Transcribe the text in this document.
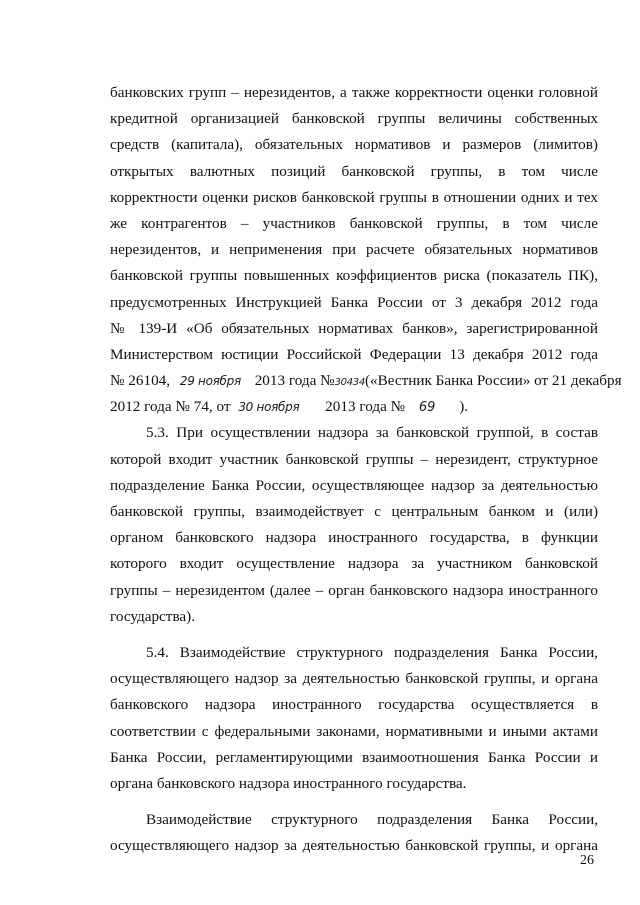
банковских групп – нерезидентов, а также корректности оценки головной
кредитной организацией банковской группы величины собственных
средств (капитала), обязательных нормативов и размеров (лимитов)
открытых валютных позиций банковской группы, в том числе
корректности оценки рисков банковской группы в отношении одних и тех
же контрагентов – участников банковской группы, в том числе
нерезидентов, и неприменения при расчете обязательных нормативов
банковской группы повышенных коэффициентов риска (показатель ПК),
предусмотренных Инструкцией Банка России от 3 декабря 2012 года
№ 139-И «Об обязательных нормативах банков», зарегистрированной
Министерством юстиции Российской Федерации 13 декабря 2012 года
№ 26104, 29 ноября 2013 года №30434(«Вестник Банка России» от 21 декабря
2012 года № 74, от 30 ноября 2013 года № 69 ).
5.3. При осуществлении надзора за банковской группой, в состав
которой входит участник банковской группы – нерезидент, структурное
подразделение Банка России, осуществляющее надзор за деятельностью
банковской группы, взаимодействует с центральным банком и (или)
органом банковского надзора иностранного государства, в функции
которого входит осуществление надзора за участником банковской
группы – нерезидентом (далее – орган банковского надзора иностранного
государства).
5.4. Взаимодействие структурного подразделения Банка России,
осуществляющего надзор за деятельностью банковской группы, и органа
банковского надзора иностранного государства осуществляется в
соответствии с федеральными законами, нормативными и иными актами
Банка России, регламентирующими взаимоотношения Банка России и
органа банковского надзора иностранного государства.
Взаимодействие структурного подразделения Банка России,
осуществляющего надзор за деятельностью банковской группы, и органа
26
